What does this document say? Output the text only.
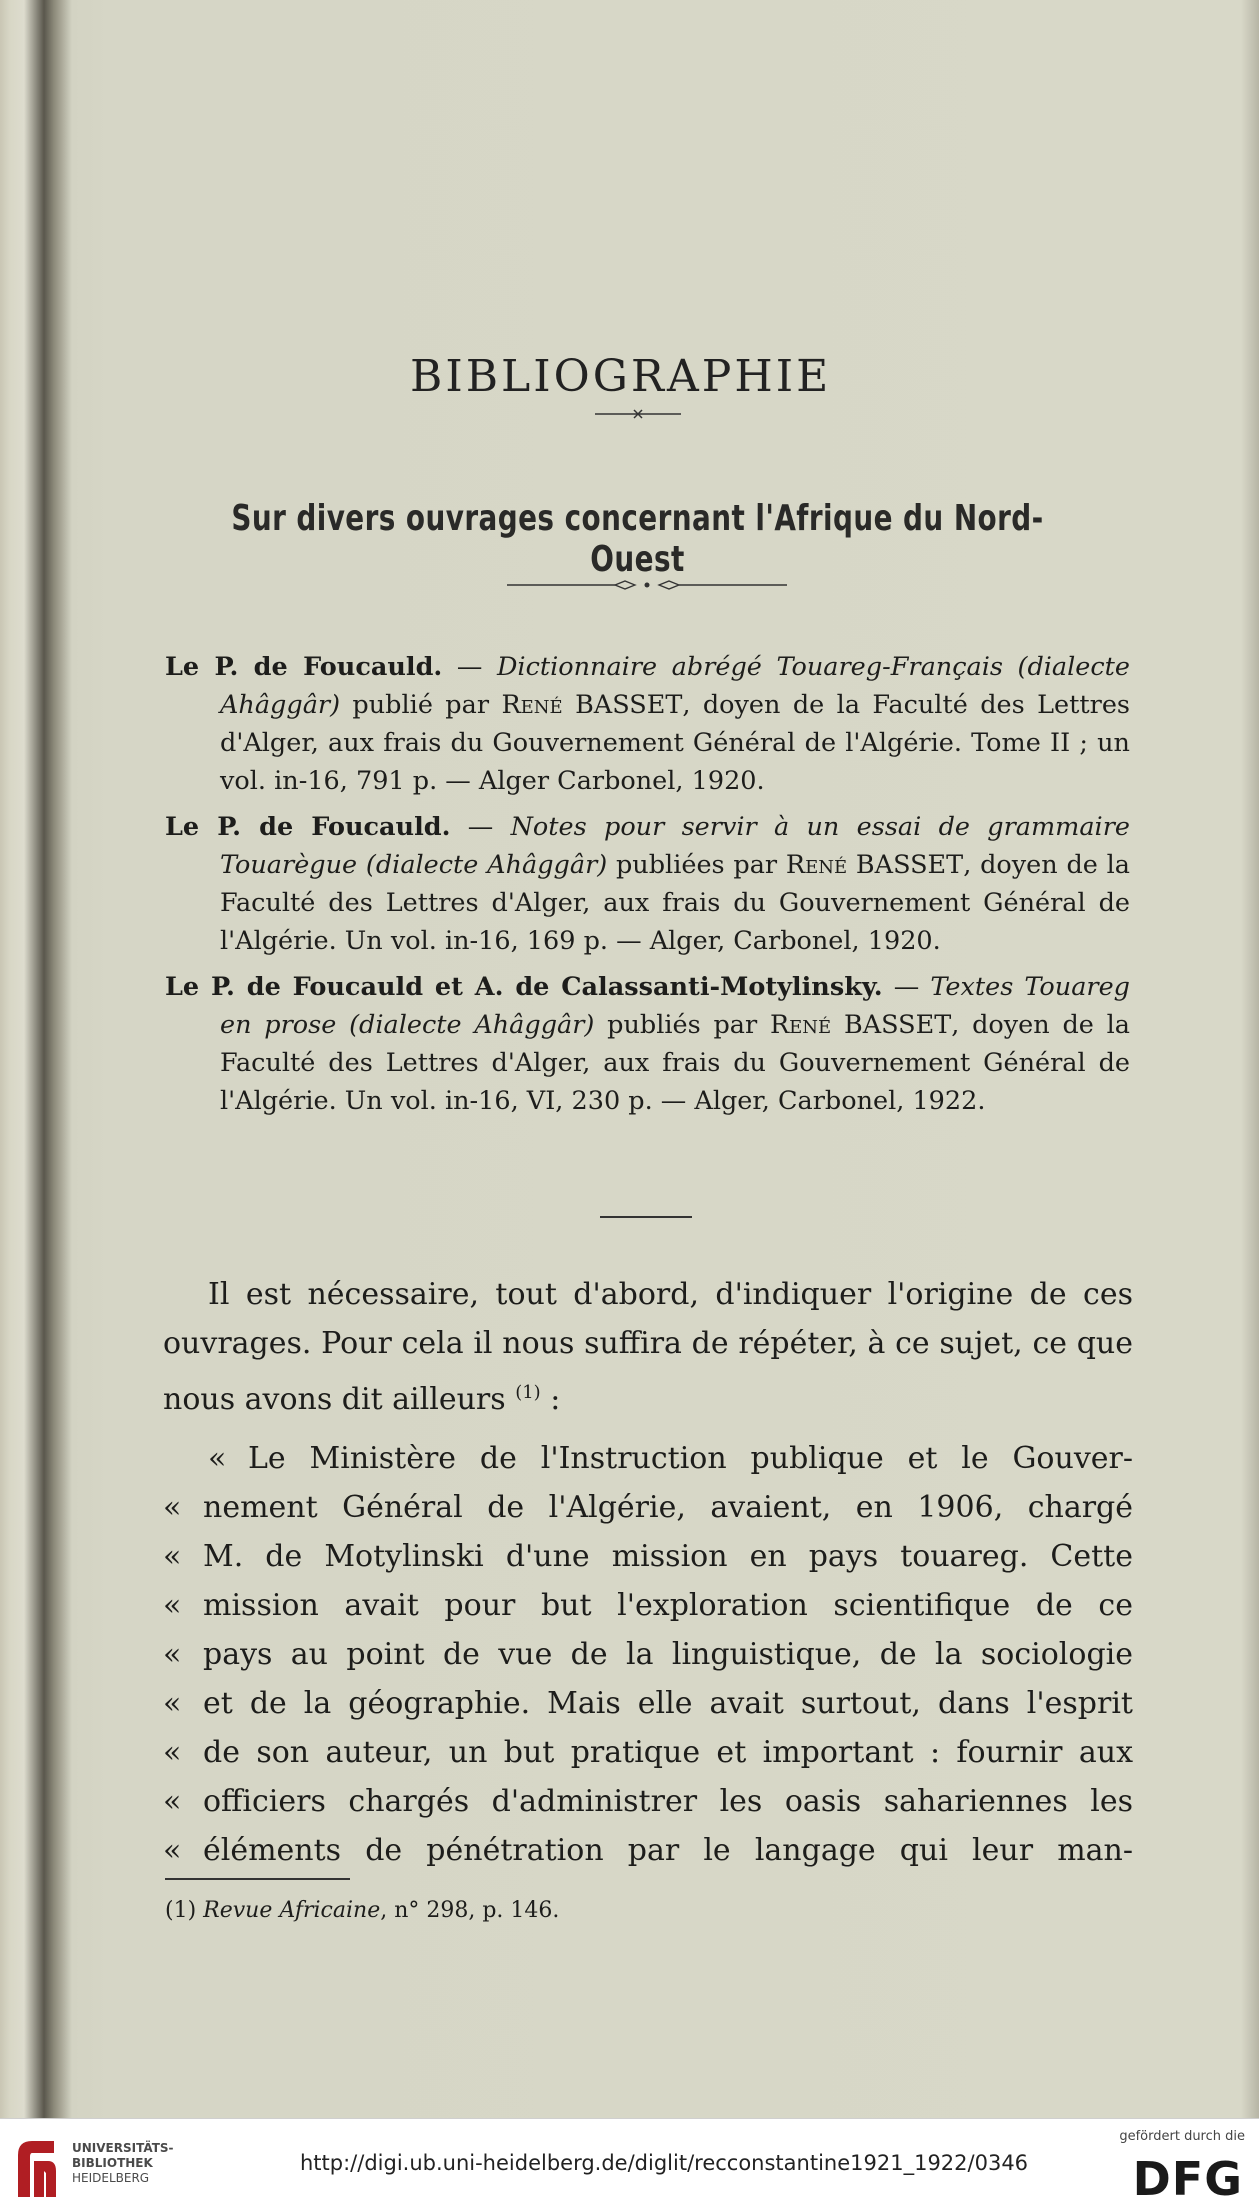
BIBLIOGRAPHIE
Sur divers ouvrages concernant l'Afrique du Nord-Ouest
Le P. de Foucauld. — Dictionnaire abrégé Touareg-Français (dialecte Ahâggâr) publié par René BASSET, doyen de la Faculté des Lettres d'Alger, aux frais du Gouvernement Général de l'Algérie. Tome II ; un vol. in-16, 791 p. — Alger Carbonel, 1920.
Le P. de Foucauld. — Notes pour servir à un essai de grammaire Touarègue (dialecte Ahâggâr) publiées par René BASSET, doyen de la Faculté des Lettres d'Alger, aux frais du Gouvernement Général de l'Algérie. Un vol. in-16, 169 p. — Alger, Carbonel, 1920.
Le P. de Foucauld et A. de Calassanti-Motylinsky. — Textes Touareg en prose (dialecte Ahâggâr) publiés par René BASSET, doyen de la Faculté des Lettres d'Alger, aux frais du Gouvernement Général de l'Algérie. Un vol. in-16, VI, 230 p. — Alger, Carbonel, 1922.

Il est nécessaire, tout d'abord, d'indiquer l'origine de ces ouvrages. Pour cela il nous suffira de répéter, à ce sujet, ce que nous avons dit ailleurs $^{(1)}$ :

« Le Ministère de l'Instruction publique et le Gouver-
« nement Général de l'Algérie, avaient, en 1906, chargé
« M. de Motylinski d'une mission en pays touareg. Cette
« mission avait pour but l'exploration scientifique de ce
« pays au point de vue de la linguistique, de la sociologie
« et de la géographie. Mais elle avait surtout, dans l'esprit
« de son auteur, un but pratique et important : fournir aux
« officiers chargés d'administrer les oasis sahariennes les
« éléments de pénétration par le langage qui leur man-
(1) Revue Africaine, n° 298, p. 146.
UNIVERSITÄTS-
BIBLIOTHEK
HEIDELBERG
http://digi.ub.uni-heidelberg.de/diglit/recconstantine1921_1922/0346
gefördert durch die
DFG
